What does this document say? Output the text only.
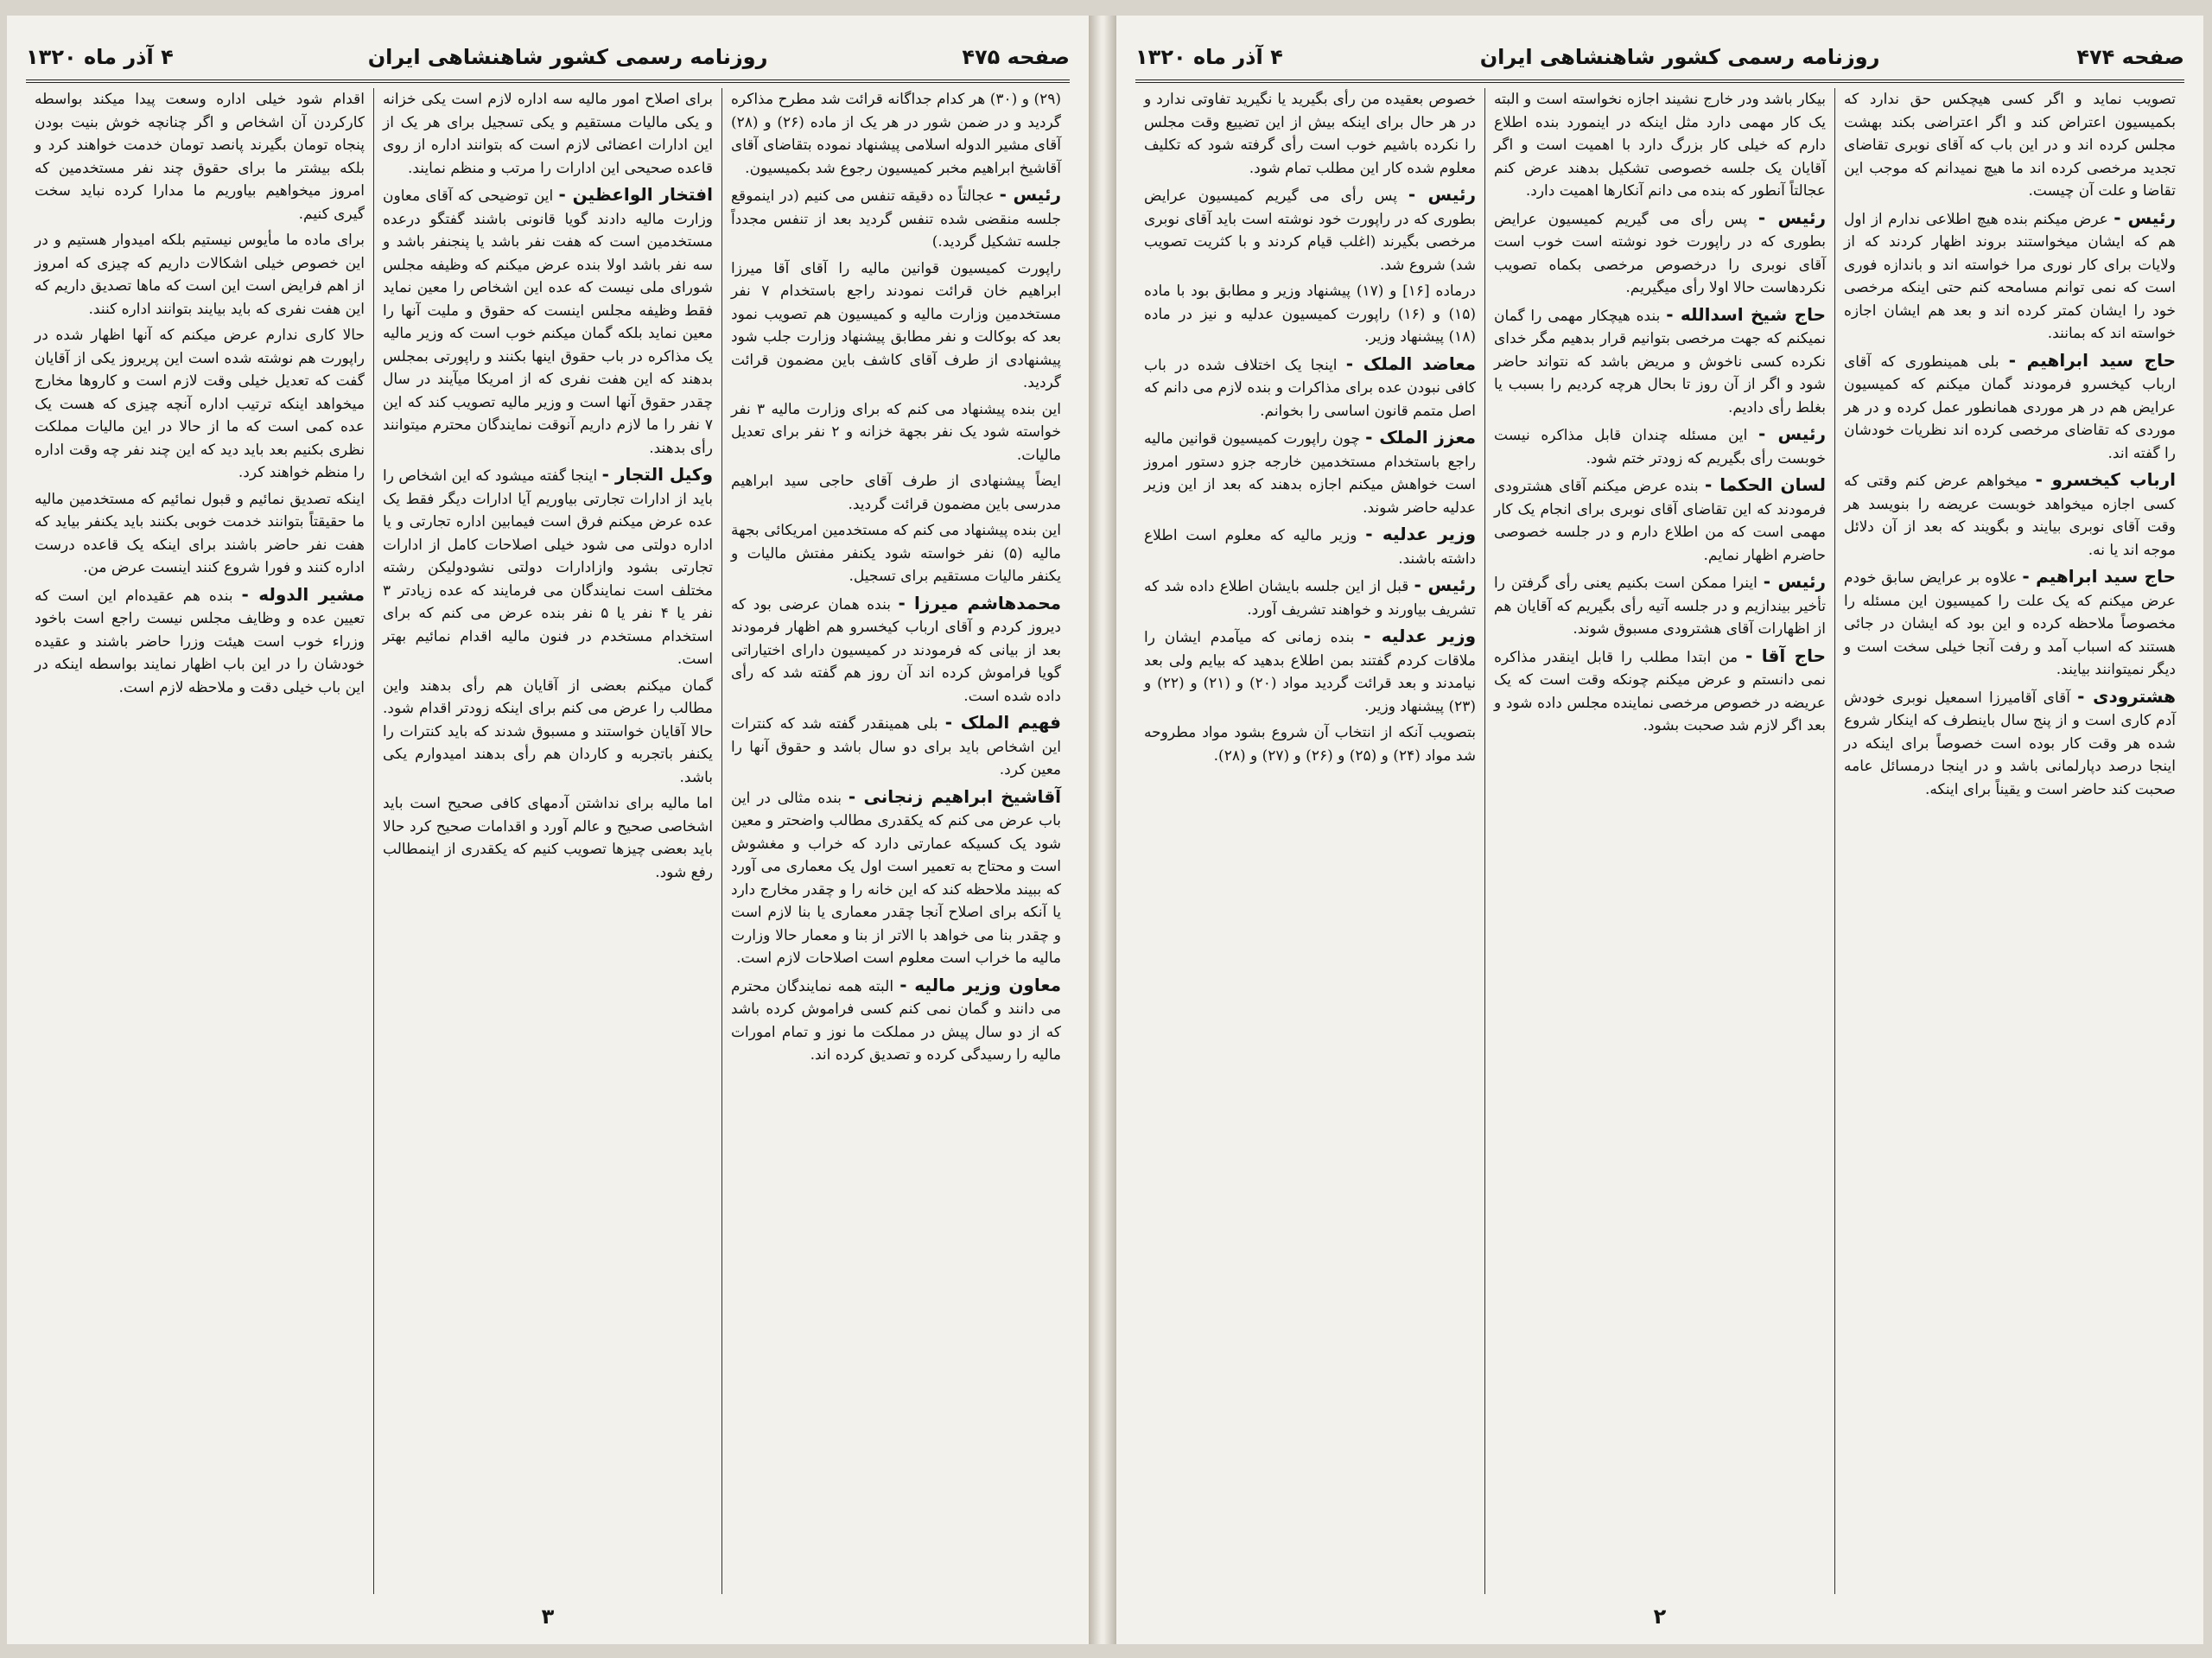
صفحه ۴۷۵
روزنامه رسمی کشور شاهنشاهی ایران
۴ آذر ماه ۱۳۲۰

(۲۹) و (۳۰) هر کدام جداگانه قرائت شد مطرح مذاکره گردید و در ضمن شور در هر یک از ماده (۲۶) و (۲۸) آقای مشیر الدوله اسلامی پیشنهاد نموده بتقاضای آقای آقاشیخ ابراهیم مخبر کمیسیون رجوع شد بکمیسیون.

رئیس - عجالتاً ده دقیقه تنفس می کنیم (در اینموقع جلسه منقضی شده تنفس گردید بعد از تنفس مجدداً جلسه تشکیل گردید.)

راپورت کمیسیون قوانین مالیه را آقای آقا میرزا ابراهیم خان قرائت نمودند راجع باستخدام ۷ نفر مستخدمین وزارت مالیه و کمیسیون هم تصویب نمود بعد که بوکالت و نفر مطابق پیشنهاد وزارت جلب شود پیشنهادی از طرف آقای کاشف باین مضمون قرائت گردید.

این بنده پیشنهاد می کنم که برای وزارت مالیه ۳ نفر خواسته شود یک نفر بجهة خزانه و ۲ نفر برای تعدیل مالیات.

ایضاً پیشنهادی از طرف آقای حاجی سید ابراهیم مدرسی باین مضمون قرائت گردید.

این بنده پیشنهاد می کنم که مستخدمین امریکائی بجهة مالیه (۵) نفر خواسته شود یکنفر مفتش مالیات و یکنفر مالیات مستقیم برای تسجیل.

محمدهاشم میرزا - بنده همان عرضی بود که دیروز کردم و آقای ارباب کیخسرو هم اظهار فرمودند بعد از بیانی که فرمودند در کمیسیون دارای اختیاراتی گویا فراموش کرده اند آن روز هم گفته شد که رأی داده شده است.

فهیم الملک - بلی همینقدر گفته شد که کنترات این اشخاص باید برای دو سال باشد و حقوق آنها را معین کرد.

آقاشیخ ابراهیم زنجانی - بنده مثالی در این باب عرض می کنم که یکقدری مطالب واضحتر و معین شود یک کسیکه عمارتی دارد که خراب و مغشوش است و محتاج به تعمیر است اول یک معماری می آورد که ببیند ملاحظه کند که این خانه را و چقدر مخارج دارد یا آنکه برای اصلاح آنجا چقدر معماری یا بنا لازم است و چقدر بنا می خواهد با الاتر از بنا و معمار حالا وزارت مالیه ما خراب است معلوم است اصلاحات لازم است.

معاون وزیر مالیه - البته همه نمایندگان محترم می دانند و گمان نمی کنم کسی فراموش کرده باشد که از دو سال پیش در مملکت ما نوز و تمام امورات مالیه را رسیدگی کرده و تصدیق کرده اند.

برای اصلاح امور مالیه سه اداره لازم است یکی خزانه و یکی مالیات مستقیم و یکی تسجیل برای هر یک از این ادارات اعضائی لازم است که بتوانند اداره از روی قاعده صحیحی این ادارات را مرتب و منظم نمایند.

افتخار الواعظین - این توضیحی که آقای معاون وزارت مالیه دادند گویا قانونی باشند گفتگو درعده مستخدمین است که هفت نفر باشد یا پنجنفر باشد و سه نفر باشد اولا بنده عرض میکنم که وظیفه مجلس شورای ملی نیست که عده این اشخاص را معین نماید فقط وظیفه مجلس اینست که حقوق و ملیت آنها را معین نماید بلکه گمان میکنم خوب است که وزیر مالیه یک مذاکره در باب حقوق اینها بکنند و راپورتی بمجلس بدهند که این هفت نفری که از امریکا میآیند در سال چقدر حقوق آنها است و وزیر مالیه تصویب کند که این ۷ نفر را ما لازم داریم آنوقت نمایندگان محترم میتوانند رأی بدهند.

وکیل التجار - اینجا گفته میشود که این اشخاص را باید از ادارات تجارتی بیاوریم آیا ادارات دیگر فقط یک عده عرض میکنم فرق است فیمابین اداره تجارتی و یا اداره دولتی می شود خیلی اصلاحات کامل از ادارات تجارتی بشود وازادارات دولتی نشودولیکن رشته مختلف است نمایندگان می فرمایند که عده زیادتر ۳ نفر یا ۴ نفر یا ۵ نفر بنده عرض می کنم که برای استخدام مستخدم در فنون مالیه اقدام نمائیم بهتر است.

گمان میکنم بعضی از آقایان هم رأی بدهند واین مطالب را عرض می کنم برای اینکه زودتر اقدام شود. حالا آقایان خواستند و مسبوق شدند که باید کنترات را یکنفر باتجربه و کاردان هم رأی بدهند امیدوارم یکی باشد.

اما مالیه برای نداشتن آدمهای کافی صحیح است باید اشخاصی صحیح و عالم آورد و اقدامات صحیح کرد حالا باید بعضی چیزها تصویب کنیم که یکقدری از اینمطالب رفع شود.

اقدام شود خیلی اداره وسعت پیدا میکند بواسطه کارکردن آن اشخاص و اگر چنانچه خوش بنیت بودن پنجاه تومان بگیرند پانصد تومان خدمت خواهند کرد و بلکه بیشتر ما برای حقوق چند نفر مستخدمین که امروز میخواهیم بیاوریم ما مدارا کرده نباید سخت گیری کنیم.

برای ماده ما مأیوس نیستیم بلکه امیدوار هستیم و در این خصوص خیلی اشکالات داریم که چیزی که امروز از اهم فرایض است این است که ماها تصدیق داریم که این هفت نفری که باید بیایند بتوانند اداره کنند.

حالا کاری ندارم عرض میکنم که آنها اظهار شده در راپورت هم نوشته شده است این پریروز یکی از آقایان گفت که تعدیل خیلی وقت لازم است و کاروها مخارج میخواهد اینکه ترتیب اداره آنچه چیزی که هست یک عده کمی است که ما از حالا در این مالیات مملکت نظری بکنیم بعد باید دید که این چند نفر چه وقت اداره را منظم خواهند کرد.

اینکه تصدیق نمائیم و قبول نمائیم که مستخدمین مالیه ما حقیقتاً بتوانند خدمت خوبی بکنند باید یکنفر بیاید که هفت نفر حاضر باشند برای اینکه یک قاعده درست اداره کنند و فورا شروع کنند اینست عرض من.

مشیر الدوله - بنده هم عقیده‌ام این است که تعیین عده و وظایف مجلس نیست راجع است باخود وزراء خوب است هیئت وزرا حاضر باشند و عقیده خودشان را در این باب اظهار نمایند بواسطه اینکه در این باب خیلی دقت و ملاحظه لازم است.

۳
صفحه ۴۷۴
روزنامه رسمی کشور شاهنشاهی ایران
۴ آذر ماه ۱۳۲۰

تصویب نماید و اگر کسی هیچکس حق ندارد که بکمیسیون اعتراض کند و اگر اعتراضی بکند بهشت مجلس کرده اند و در این باب که آقای نوبری تقاضای تجدید مرخصی کرده اند ما هیچ نمیدانم که موجب این تقاضا و علت آن چیست.

رئیس - عرض میکنم بنده هیچ اطلاعی ندارم از اول هم که ایشان میخواستند بروند اظهار کردند که از ولایات برای کار نوری مرا خواسته اند و باندازه فوری است که نمی توانم مسامحه کنم حتی اینکه مرخصی خود را ایشان کمتر کرده اند و بعد هم ایشان اجازه خواسته اند که بمانند.

حاج سید ابراهیم - بلی همینطوری که آقای ارباب کیخسرو فرمودند گمان میکنم که کمیسیون عرایض هم در هر موردی همانطور عمل کرده و در هر موردی که تقاضای مرخصی کرده اند نظریات خودشان را گفته اند.

ارباب کیخسرو - میخواهم عرض کنم وقتی که کسی اجازه میخواهد خوبست عریضه را بنویسد هر وقت آقای نوبری بیایند و بگویند که بعد از آن دلائل موجه اند یا نه.

حاج سید ابراهیم - علاوه بر عرایض سابق خودم عرض میکنم که یک علت را کمیسیون این مسئله را مخصوصاً ملاحظه کرده و این بود که ایشان در جائی هستند که اسباب آمد و رفت آنجا خیلی سخت است و دیگر نمیتوانند بیایند.

هشترودی - آقای آقامیرزا اسمعیل نوبری خودش آدم کاری است و از پنج سال باینطرف که اینکار شروع شده هر وقت کار بوده است خصوصاً برای اینکه در اینجا درصد دپارلمانی باشد و در اینجا درمسائل عامه صحبت کند حاضر است و یقیناً برای اینکه.

بیکار باشد ودر خارج نشیند اجازه نخواسته است و البته یک کار مهمی دارد مثل اینکه در اینمورد بنده اطلاع دارم که خیلی کار بزرگ دارد با اهمیت است و اگر آقایان یک جلسه خصوصی تشکیل بدهند عرض کنم عجالتاً آنطور که بنده می دانم آنکارها اهمیت دارد.

رئیس - پس رأی می گیریم کمیسیون عرایض بطوری که در راپورت خود نوشته است خوب است آقای نوبری را درخصوص مرخصی بکماه تصویب نکردهاست حالا اولا رأی میگیریم.

حاج شیخ اسدالله - بنده هیچکار مهمی را گمان نمیکنم که جهت مرخصی بتوانیم قرار بدهیم مگر خدای نکرده کسی ناخوش و مریض باشد که نتواند حاضر شود و اگر از آن روز تا بحال هرچه کردیم را بسبب یا بغلط رأی دادیم.

رئیس - این مسئله چندان قابل مذاکره نیست خوبست رأی بگیریم که زودتر ختم شود.

لسان الحکما - بنده عرض میکنم آقای هشترودی فرمودند که این تقاضای آقای نوبری برای انجام یک کار مهمی است که من اطلاع دارم و در جلسه خصوصی حاضرم اظهار نمایم.

رئیس - اینرا ممکن است بکنیم یعنی رأی گرفتن را تأخیر بیندازیم و در جلسه آتیه رأی بگیریم که آقایان هم از اظهارات آقای هشترودی مسبوق شوند.

حاج آقا - من ابتدا مطلب را قابل اینقدر مذاکره نمی دانستم و عرض میکنم چونکه وقت است که یک عریضه در خصوص مرخصی نماینده مجلس داده شود و بعد اگر لازم شد صحبت بشود.

خصوص بعقیده من رأی بگیرید یا نگیرید تفاوتی ندارد و در هر حال برای اینکه بیش از این تضییع وقت مجلس را نکرده باشیم خوب است رأی گرفته شود که تکلیف معلوم شده کار این مطلب تمام شود.

رئیس - پس رأی می گیریم کمیسیون عرایض بطوری که در راپورت خود نوشته است باید آقای نوبری مرخصی بگیرند (اغلب قیام کردند و با کثریت تصویب شد) شروع شد.

درماده [۱۶] و (۱۷) پیشنهاد وزیر و مطابق بود با ماده (۱۵) و (۱۶) راپورت کمیسیون عدلیه و نیز در ماده (۱۸) پیشنهاد وزیر.

معاضد الملک - اینجا یک اختلاف شده در باب کافی نبودن عده برای مذاکرات و بنده لازم می دانم که اصل متمم قانون اساسی را بخوانم.

معزز الملک - چون راپورت کمیسیون قوانین مالیه راجع باستخدام مستخدمین خارجه جزو دستور امروز است خواهش میکنم اجازه بدهند که بعد از این وزیر عدلیه حاضر شوند.

وزیر عدلیه - وزیر مالیه که معلوم است اطلاع داشته باشند.

رئیس - قبل از این جلسه بایشان اطلاع داده شد که تشریف بیاورند و خواهند تشریف آورد.

وزیر عدلیه - بنده زمانی که میآمدم ایشان را ملاقات کردم گفتند بمن اطلاع بدهید که بیایم ولی بعد نیامدند و بعد قرائت گردید مواد (۲۰) و (۲۱) و (۲۲) و (۲۳) پیشنهاد وزیر.

بتصویب آنکه از انتخاب آن شروع بشود مواد مطروحه شد مواد (۲۴) و (۲۵) و (۲۶) و (۲۷) و (۲۸).

۲
